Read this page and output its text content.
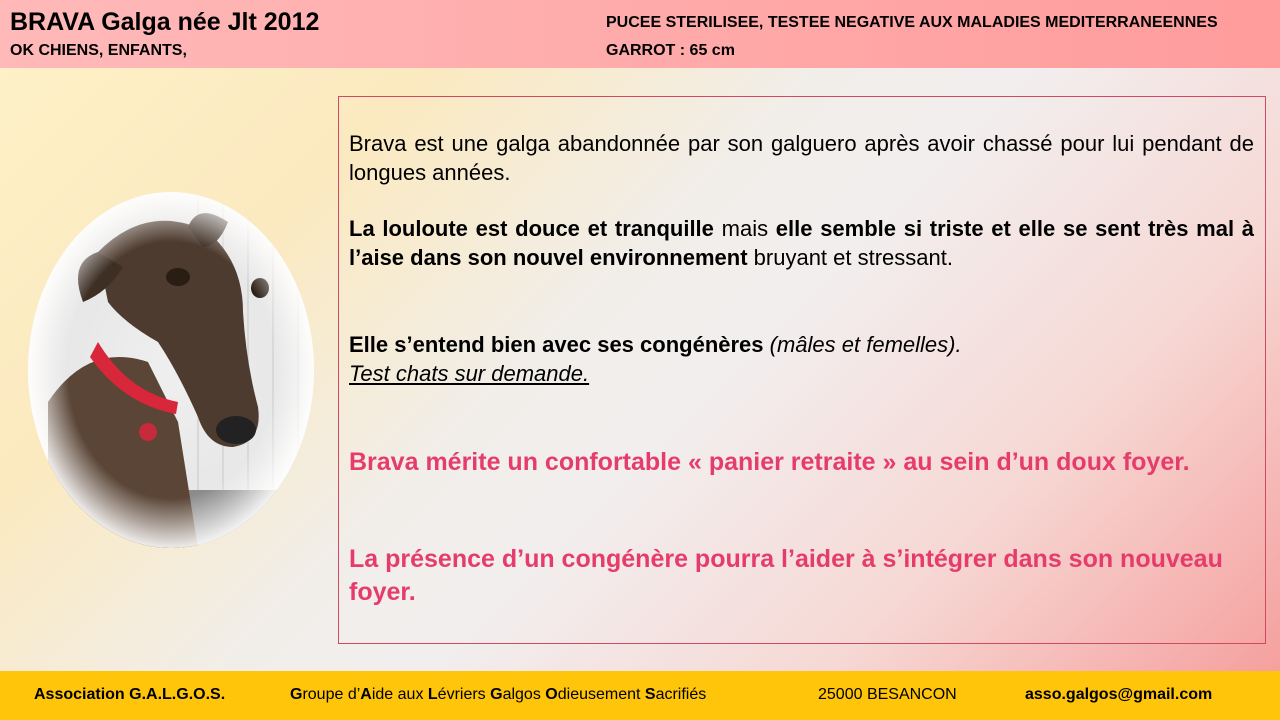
BRAVA Galga née Jlt 2012
OK CHIENS, ENFANTS,
PUCEE STERILISEE, TESTEE NEGATIVE AUX MALADIES MEDITERRANEENNES
GARROT : 65 cm
Brava est une galga abandonnée par son galguero après avoir chassé pour lui pendant de longues années.
La louloute est douce et tranquille mais elle semble si triste et elle se sent très mal à l’aise dans son nouvel environnement bruyant et stressant.
Elle s’entend bien avec ses congénères (mâles et femelles).
Test chats sur demande.
Brava mérite un confortable « panier retraite » au sein d’un doux foyer.
La présence d’un congénère pourra l’aider à s’intégrer dans son nouveau foyer.
Association G.A.L.G.O.S.	Groupe d’Aide aux Lévriers Galgos Odieusement Sacrifiés	25000 BESANCON	asso.galgos@gmail.com
